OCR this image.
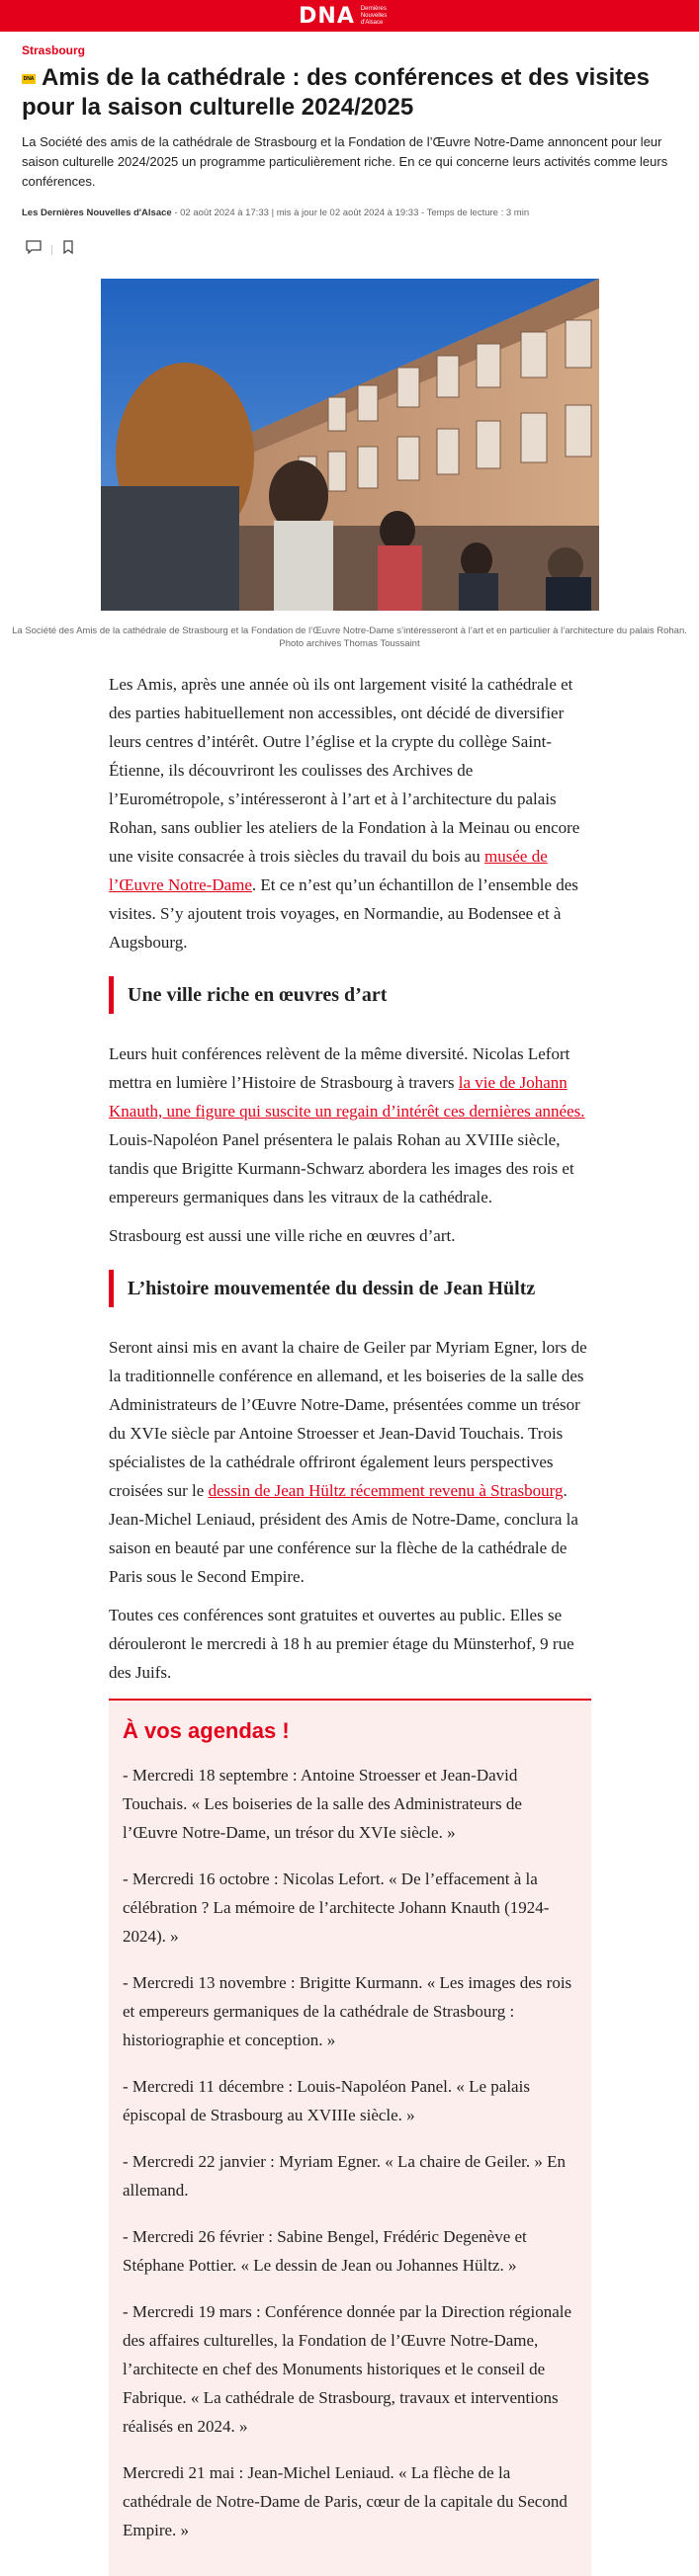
DNA Dernières Nouvelles d'Alsace
Strasbourg
DNA Amis de la cathédrale : des conférences et des visites pour la saison culturelle 2024/2025

La Société des amis de la cathédrale de Strasbourg et la Fondation de l’Œuvre Notre-Dame annoncent pour leur saison culturelle 2024/2025 un programme particulièrement riche. En ce qui concerne leurs activités comme leurs conférences.

Les Dernières Nouvelles d'Alsace - 02 août 2024 à 17:33 | mis à jour le 02 août 2024 à 19:33 - Temps de lecture : 3 min
La Société des Amis de la cathédrale de Strasbourg et la Fondation de l’Œuvre Notre-Dame s’intéresseront à l’art et en particulier à l’architecture du palais Rohan. Photo archives Thomas Toussaint

Les Amis, après une année où ils ont largement visité la cathédrale et des parties habituellement non accessibles, ont décidé de diversifier leurs centres d’intérêt. Outre l’église et la crypte du collège Saint-Étienne, ils découvriront les coulisses des Archives de l’Eurométropole, s’intéresseront à l’art et à l’architecture du palais Rohan, sans oublier les ateliers de la Fondation à la Meinau ou encore une visite consacrée à trois siècles du travail du bois au musée de l’Œuvre Notre-Dame. Et ce n’est qu’un échantillon de l’ensemble des visites. S’y ajoutent trois voyages, en Normandie, au Bodensee et à Augsbourg.

Une ville riche en œuvres d’art

Leurs huit conférences relèvent de la même diversité. Nicolas Lefort mettra en lumière l’Histoire de Strasbourg à travers la vie de Johann Knauth, une figure qui suscite un regain d’intérêt ces dernières années. Louis-Napoléon Panel présentera le palais Rohan au XVIIIe siècle, tandis que Brigitte Kurmann-Schwarz abordera les images des rois et empereurs germaniques dans les vitraux de la cathédrale.

Strasbourg est aussi une ville riche en œuvres d’art.

L’histoire mouvementée du dessin de Jean Hültz

Seront ainsi mis en avant la chaire de Geiler par Myriam Egner, lors de la traditionnelle conférence en allemand, et les boiseries de la salle des Administrateurs de l’Œuvre Notre-Dame, présentées comme un trésor du XVIe siècle par Antoine Stroesser et Jean-David Touchais. Trois spécialistes de la cathédrale offriront également leurs perspectives croisées sur le dessin de Jean Hültz récemment revenu à Strasbourg. Jean-Michel Leniaud, président des Amis de Notre-Dame, conclura la saison en beauté par une conférence sur la flèche de la cathédrale de Paris sous le Second Empire.

Toutes ces conférences sont gratuites et ouvertes au public. Elles se dérouleront le mercredi à 18 h au premier étage du Münsterhof, 9 rue des Juifs.

À vos agendas !

- Mercredi 18 septembre : Antoine Stroesser et Jean-David Touchais. « Les boiseries de la salle des Administrateurs de l’Œuvre Notre-Dame, un trésor du XVIe siècle. »

- Mercredi 16 octobre : Nicolas Lefort. « De l’effacement à la célébration ? La mémoire de l’architecte Johann Knauth (1924-2024). »

- Mercredi 13 novembre : Brigitte Kurmann. « Les images des rois et empereurs germaniques de la cathédrale de Strasbourg : historiographie et conception. »

- Mercredi 11 décembre : Louis-Napoléon Panel. « Le palais épiscopal de Strasbourg au XVIIIe siècle. »

- Mercredi 22 janvier : Myriam Egner. « La chaire de Geiler. » En allemand.

- Mercredi 26 février : Sabine Bengel, Frédéric Degenève et Stéphane Pottier. « Le dessin de Jean ou Johannes Hültz. »

- Mercredi 19 mars : Conférence donnée par la Direction régionale des affaires culturelles, la Fondation de l’Œuvre Notre-Dame, l’architecte en chef des Monuments historiques et le conseil de Fabrique. « La cathédrale de Strasbourg, travaux et interventions réalisés en 2024. »

Mercredi 21 mai : Jean-Michel Leniaud. « La flèche de la cathédrale de Notre-Dame de Paris, cœur de la capitale du Second Empire. »
